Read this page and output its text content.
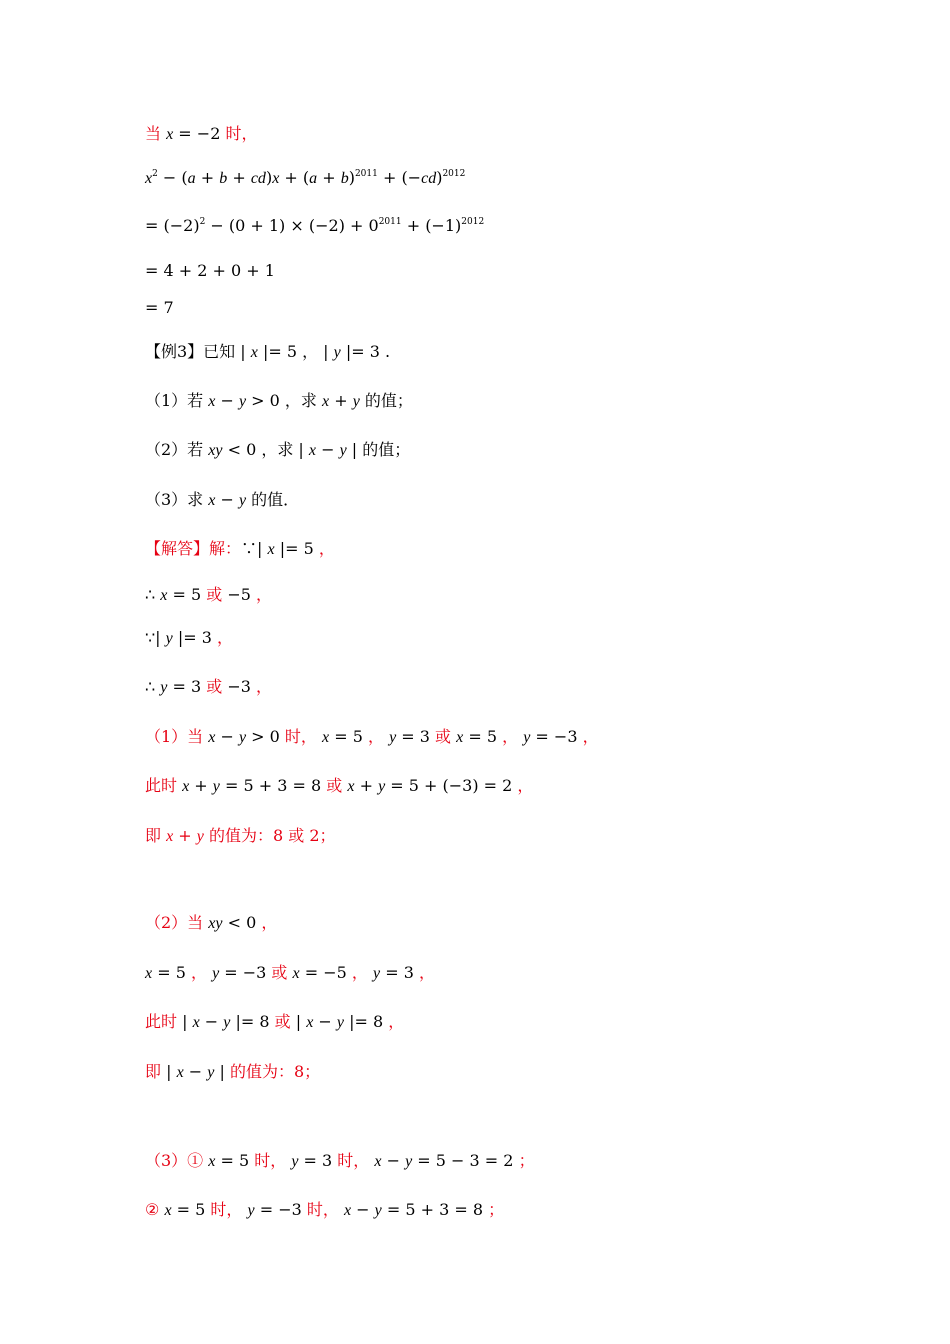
当 x = −2 时，
$x^2 - (a + b + cd)x + (a + b)^{2011} + (-cd)^{2012}$
= $(-2)^2 - (0 + 1) \times (-2) + 0^{2011} + (-1)^{2012}$
= 4 + 2 + 0 + 1
= 7
【例3】已知 | x |= 5 ， | y |= 3 .
（1）若 x − y > 0 ，求 x + y 的值；
（2）若 xy < 0 ，求 | x − y | 的值；
（3）求 x − y 的值．
【解答】解：∵| x |= 5 ，
∴ x = 5 或 −5 ，
∵| y |= 3 ，
∴ y = 3 或 −3 ，
（1）当 x − y > 0 时， x = 5 ， y = 3 或 x = 5 ， y = −3 ，
此时 x + y = 5 + 3 = 8 或 x + y = 5 + (−3) = 2 ，
即 x + y 的值为：8 或 2；
（2）当 xy < 0 ，
x = 5 ， y = −3 或 x = −5 ， y = 3 ，
此时 | x − y |= 8 或 | x − y |= 8 ，
即 | x − y | 的值为：8；
（3）① x = 5 时， y = 3 时， x − y = 5 − 3 = 2 ；
② x = 5 时， y = −3 时， x − y = 5 + 3 = 8 ；
